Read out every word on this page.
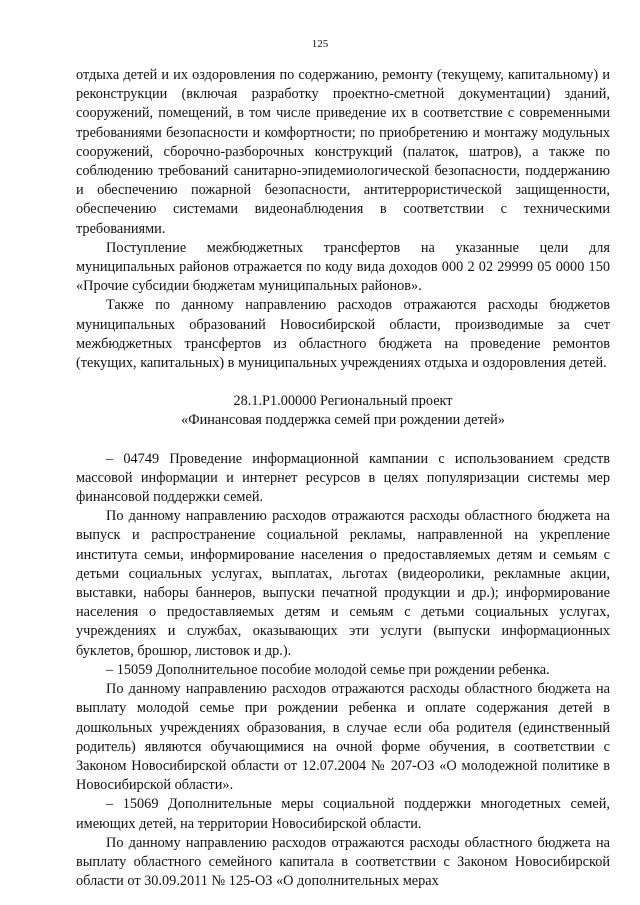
125

отдыха детей и их оздоровления по содержанию, ремонту (текущему, капитальному) и реконструкции (включая разработку проектно-сметной документации) зданий, сооружений, помещений, в том числе приведение их в соответствие с современными требованиями безопасности и комфортности; по приобретению и монтажу модульных сооружений, сборочно-разборочных конструкций (палаток, шатров), а также по соблюдению требований санитарно-эпидемиологической безопасности, поддержанию и обеспечению пожарной безопасности, антитеррористической защищенности, обеспечению системами видеонаблюдения в соответствии с техническими требованиями.

Поступление межбюджетных трансфертов на указанные цели для муниципальных районов отражается по коду вида доходов 000 2 02 29999 05 0000 150 «Прочие субсидии бюджетам муниципальных районов».

Также по данному направлению расходов отражаются расходы бюджетов муниципальных образований Новосибирской области, производимые за счет межбюджетных трансфертов из областного бюджета на проведение ремонтов (текущих, капитальных) в муниципальных учреждениях отдыха и оздоровления детей.

28.1.Р1.00000 Региональный проект

«Финансовая поддержка семей при рождении детей»

– 04749 Проведение информационной кампании с использованием средств массовой информации и интернет ресурсов в целях популяризации системы мер финансовой поддержки семей.

По данному направлению расходов отражаются расходы областного бюджета на выпуск и распространение социальной рекламы, направленной на укрепление института семьи, информирование населения о предоставляемых детям и семьям с детьми социальных услугах, выплатах, льготах (видеоролики, рекламные акции, выставки, наборы баннеров, выпуски печатной продукции и др.); информирование населения о предоставляемых детям и семьям с детьми социальных услугах, учреждениях и службах, оказывающих эти услуги (выпуски информационных буклетов, брошюр, листовок и др.).

– 15059 Дополнительное пособие молодой семье при рождении ребенка.

По данному направлению расходов отражаются расходы областного бюджета на выплату молодой семье при рождении ребенка и оплате содержания детей в дошкольных учреждениях образования, в случае если оба родителя (единственный родитель) являются обучающимися на очной форме обучения, в соответствии с Законом Новосибирской области от 12.07.2004 № 207-ОЗ «О молодежной политике в Новосибирской области».

– 15069 Дополнительные меры социальной поддержки многодетных семей, имеющих детей, на территории Новосибирской области.

По данному направлению расходов отражаются расходы областного бюджета на выплату областного семейного капитала в соответствии с Законом Новосибирской области от 30.09.2011 № 125-ОЗ «О дополнительных мерах
